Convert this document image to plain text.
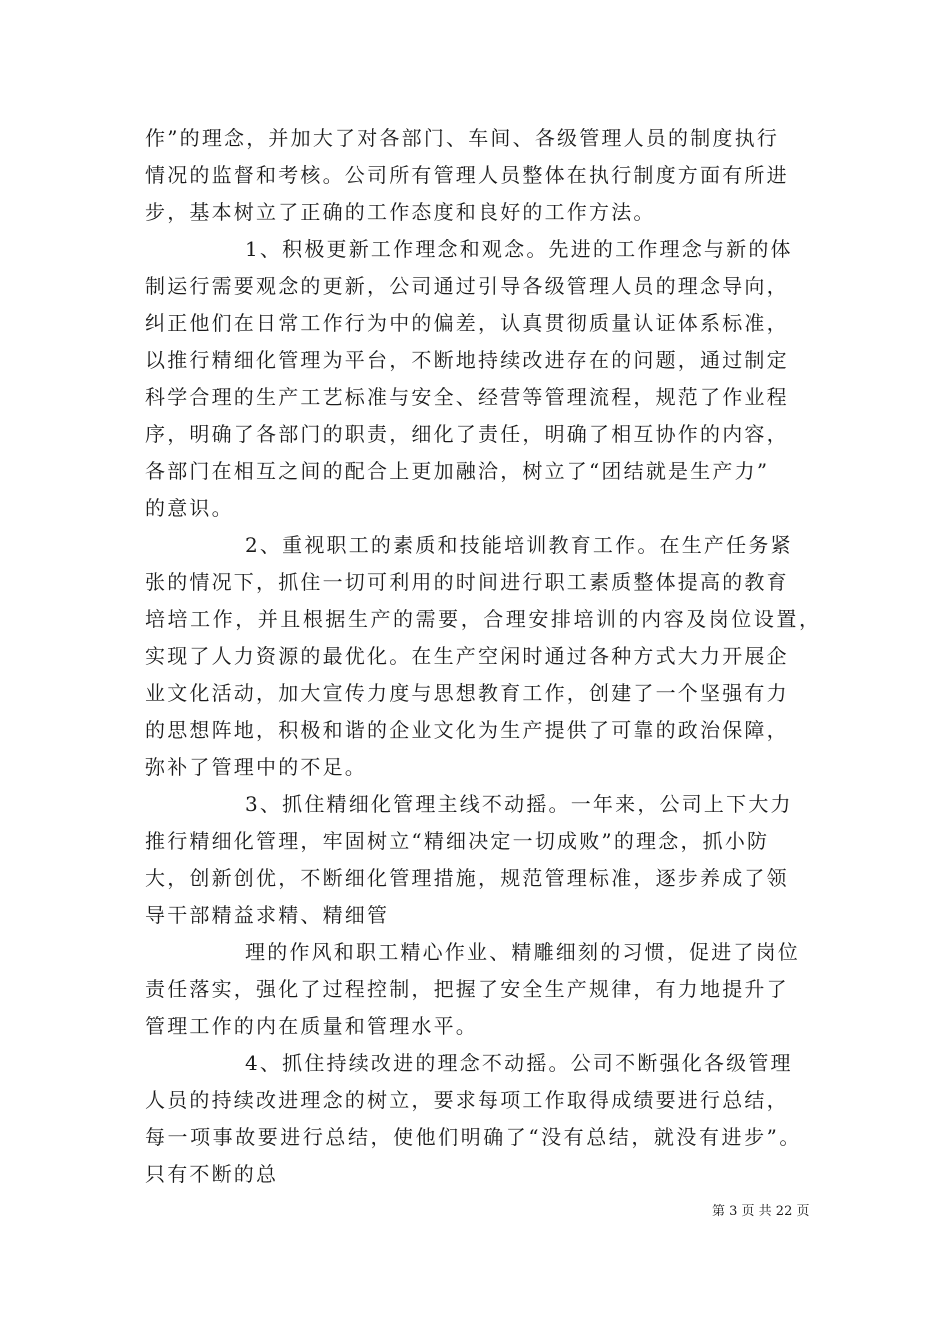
作”的理念，并加大了对各部门、车间、各级管理人员的制度执行
情况的监督和考核。公司所有管理人员整体在执行制度方面有所进
步，基本树立了正确的工作态度和良好的工作方法。
1、积极更新工作理念和观念。先进的工作理念与新的体
制运行需要观念的更新，公司通过引导各级管理人员的理念导向，
纠正他们在日常工作行为中的偏差，认真贯彻质量认证体系标准，
以推行精细化管理为平台，不断地持续改进存在的问题，通过制定
科学合理的生产工艺标准与安全、经营等管理流程，规范了作业程
序，明确了各部门的职责，细化了责任，明确了相互协作的内容，
各部门在相互之间的配合上更加融洽，树立了“团结就是生产力”
的意识。
2、重视职工的素质和技能培训教育工作。在生产任务紧
张的情况下，抓住一切可利用的时间进行职工素质整体提高的教育
培培工作，并且根据生产的需要，合理安排培训的内容及岗位设置，
实现了人力资源的最优化。在生产空闲时通过各种方式大力开展企
业文化活动，加大宣传力度与思想教育工作，创建了一个坚强有力
的思想阵地，积极和谐的企业文化为生产提供了可靠的政治保障，
弥补了管理中的不足。
3、抓住精细化管理主线不动摇。一年来，公司上下大力
推行精细化管理，牢固树立“精细决定一切成败”的理念，抓小防
大，创新创优，不断细化管理措施，规范管理标准，逐步养成了领
导干部精益求精、精细管
理的作风和职工精心作业、精雕细刻的习惯，促进了岗位
责任落实，强化了过程控制，把握了安全生产规律，有力地提升了
管理工作的内在质量和管理水平。
4、抓住持续改进的理念不动摇。公司不断强化各级管理
人员的持续改进理念的树立，要求每项工作取得成绩要进行总结，
每一项事故要进行总结，使他们明确了“没有总结，就没有进步”。
只有不断的总
第 3 页 共 22 页
